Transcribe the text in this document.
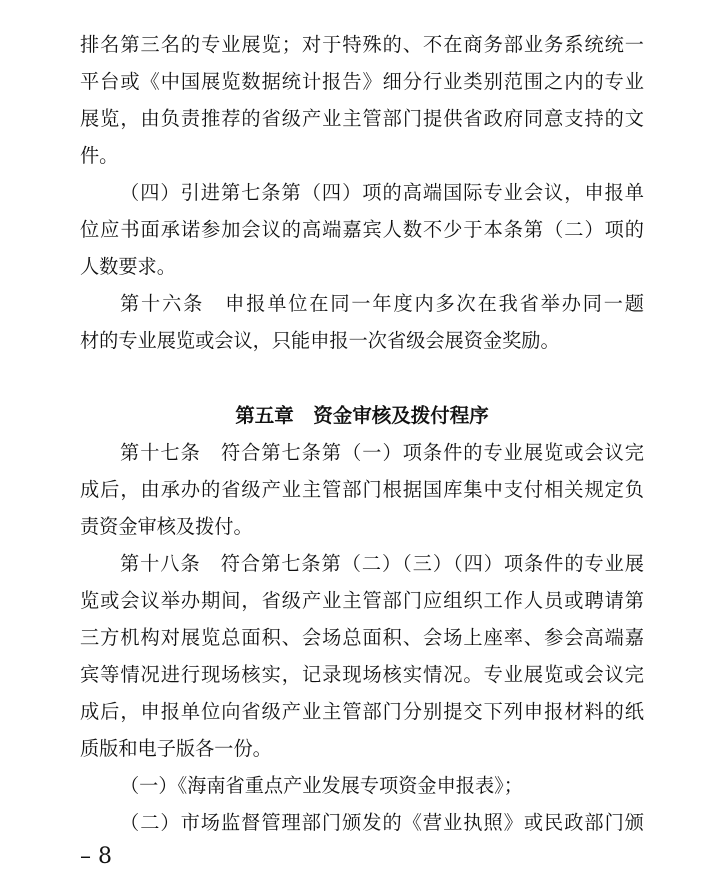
排名第三名的专业展览；对于特殊的、不在商务部业务系统统一
平台或《中国展览数据统计报告》细分行业类别范围之内的专业
展览，由负责推荐的省级产业主管部门提供省政府同意支持的文
件。
（四）引进第七条第（四）项的高端国际专业会议，申报单
位应书面承诺参加会议的高端嘉宾人数不少于本条第（二）项的
人数要求。
第十六条　申报单位在同一年度内多次在我省举办同一题
材的专业展览或会议，只能申报一次省级会展资金奖励。
第五章　资金审核及拨付程序
第十七条　符合第七条第（一）项条件的专业展览或会议完
成后，由承办的省级产业主管部门根据国库集中支付相关规定负
责资金审核及拨付。
第十八条　符合第七条第（二）（三）（四）项条件的专业展
览或会议举办期间，省级产业主管部门应组织工作人员或聘请第
三方机构对展览总面积、会场总面积、会场上座率、参会高端嘉
宾等情况进行现场核实，记录现场核实情况。专业展览或会议完
成后，申报单位向省级产业主管部门分别提交下列申报材料的纸
质版和电子版各一份。
（一）《海南省重点产业发展专项资金申报表》；
（二）市场监督管理部门颁发的《营业执照》或民政部门颁
– 8
